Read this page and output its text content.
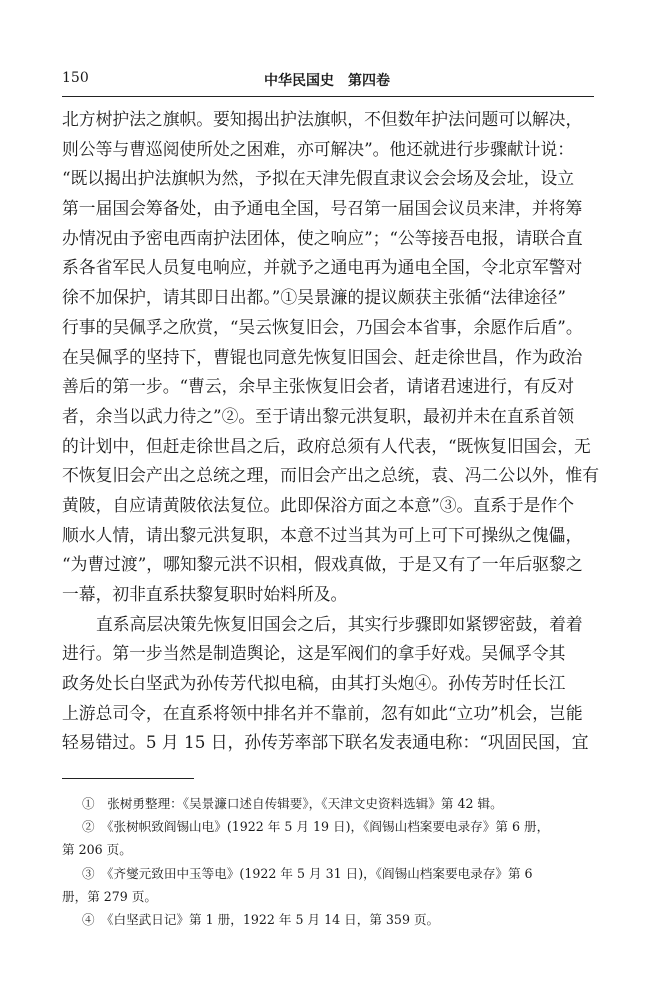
150	中华民国史　第四卷
北方树护法之旗帜。要知揭出护法旗帜，不但数年护法问题可以解决，
则公等与曹巡阅使所处之困难，亦可解决”。他还就进行步骤献计说：
“既以揭出护法旗帜为然，予拟在天津先假直隶议会会场及会址，设立
第一届国会筹备处，由予通电全国，号召第一届国会议员来津，并将筹
办情况由予密电西南护法团体，使之响应”；“公等接吾电报，请联合直
系各省军民人员复电响应，并就予之通电再为通电全国，令北京军警对
徐不加保护，请其即日出都。”①吴景濂的提议颇获主张循“法律途径”
行事的吴佩孚之欣赏，“吴云恢复旧会，乃国会本省事，余愿作后盾”。
在吴佩孚的坚持下，曹锟也同意先恢复旧国会、赶走徐世昌，作为政治
善后的第一步。“曹云，余早主张恢复旧会者，请诸君速进行，有反对
者，余当以武力待之”②。至于请出黎元洪复职，最初并未在直系首领
的计划中，但赶走徐世昌之后，政府总须有人代表，“既恢复旧国会，无
不恢复旧会产出之总统之理，而旧会产出之总统，袁、冯二公以外，惟有
黄陂，自应请黄陂依法复位。此即保浴方面之本意”③。直系于是作个
顺水人情，请出黎元洪复职，本意不过当其为可上可下可操纵之傀儡，
“为曹过渡”，哪知黎元洪不识相，假戏真做，于是又有了一年后驱黎之
一幕，初非直系扶黎复职时始料所及。
直系高层决策先恢复旧国会之后，其实行步骤即如紧锣密鼓，着着
进行。第一步当然是制造舆论，这是军阀们的拿手好戏。吴佩孚令其
政务处长白坚武为孙传芳代拟电稿，由其打头炮④。孙传芳时任长江
上游总司令，在直系将领中排名并不靠前，忽有如此“立功”机会，岂能
轻易错过。5 月 15 日，孙传芳率部下联名发表通电称：“巩固民国，宜
①　张树勇整理：《吴景濂口述自传辑要》，《天津文史资料选辑》第 42 辑。
②　《张树帜致阎锡山电》(1922 年 5 月 19 日)，《阎锡山档案要电录存》第 6 册，
第 206 页。
③　《齐燮元致田中玉等电》(1922 年 5 月 31 日)，《阎锡山档案要电录存》第 6
册，第 279 页。
④　《白坚武日记》第 1 册，1922 年 5 月 14 日，第 359 页。
